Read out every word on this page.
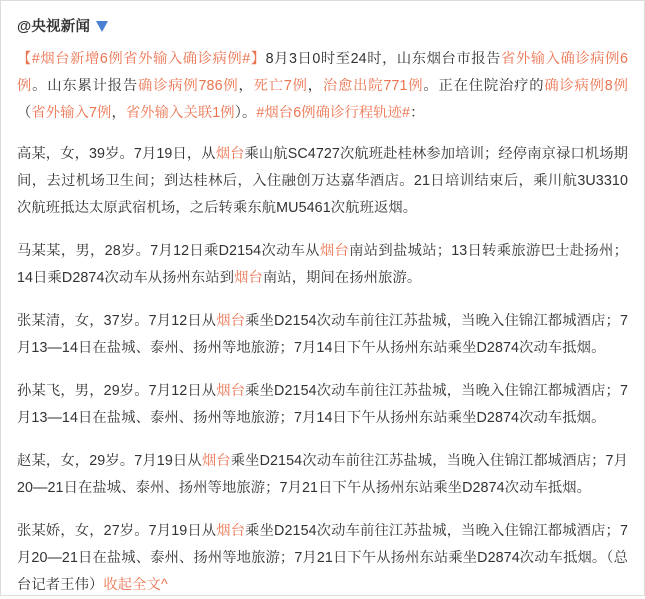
@央视新闻

【#烟台新增6例省外输入确诊病例#】8月3日0时至24时，山东烟台市报告省外输入确诊病例6例。山东累计报告确诊病例786例，死亡7例，治愈出院771例。正在住院治疗的确诊病例8例（省外输入7例，省外输入关联1例）。#烟台6例确诊行程轨迹#：

高某，女，39岁。7月19日，从烟台乘山航SC4727次航班赴桂林参加培训；经停南京禄口机场期间，去过机场卫生间；到达桂林后，入住融创万达嘉华酒店。21日培训结束后，乘川航3U3310次航班抵达太原武宿机场，之后转乘东航MU5461次航班返烟。

马某某，男，28岁。7月12日乘D2154次动车从烟台南站到盐城站；13日转乘旅游巴士赴扬州；14日乘D2874次动车从扬州东站到烟台南站，期间在扬州旅游。

张某清，女，37岁。7月12日从烟台乘坐D2154次动车前往江苏盐城，当晚入住锦江都城酒店；7月13—14日在盐城、泰州、扬州等地旅游；7月14日下午从扬州东站乘坐D2874次动车抵烟。

孙某飞，男，29岁。7月12日从烟台乘坐D2154次动车前往江苏盐城，当晚入住锦江都城酒店；7月13—14日在盐城、泰州、扬州等地旅游；7月14日下午从扬州东站乘坐D2874次动车抵烟。

赵某，女，29岁。7月19日从烟台乘坐D2154次动车前往江苏盐城，当晚入住锦江都城酒店；7月20—21日在盐城、泰州、扬州等地旅游；7月21日下午从扬州东站乘坐D2874次动车抵烟。

张某娇，女，27岁。7月19日从烟台乘坐D2154次动车前往江苏盐城，当晚入住锦江都城酒店；7月20—21日在盐城、泰州、扬州等地旅游；7月21日下午从扬州东站乘坐D2874次动车抵烟。（总台记者王伟）收起全文^
